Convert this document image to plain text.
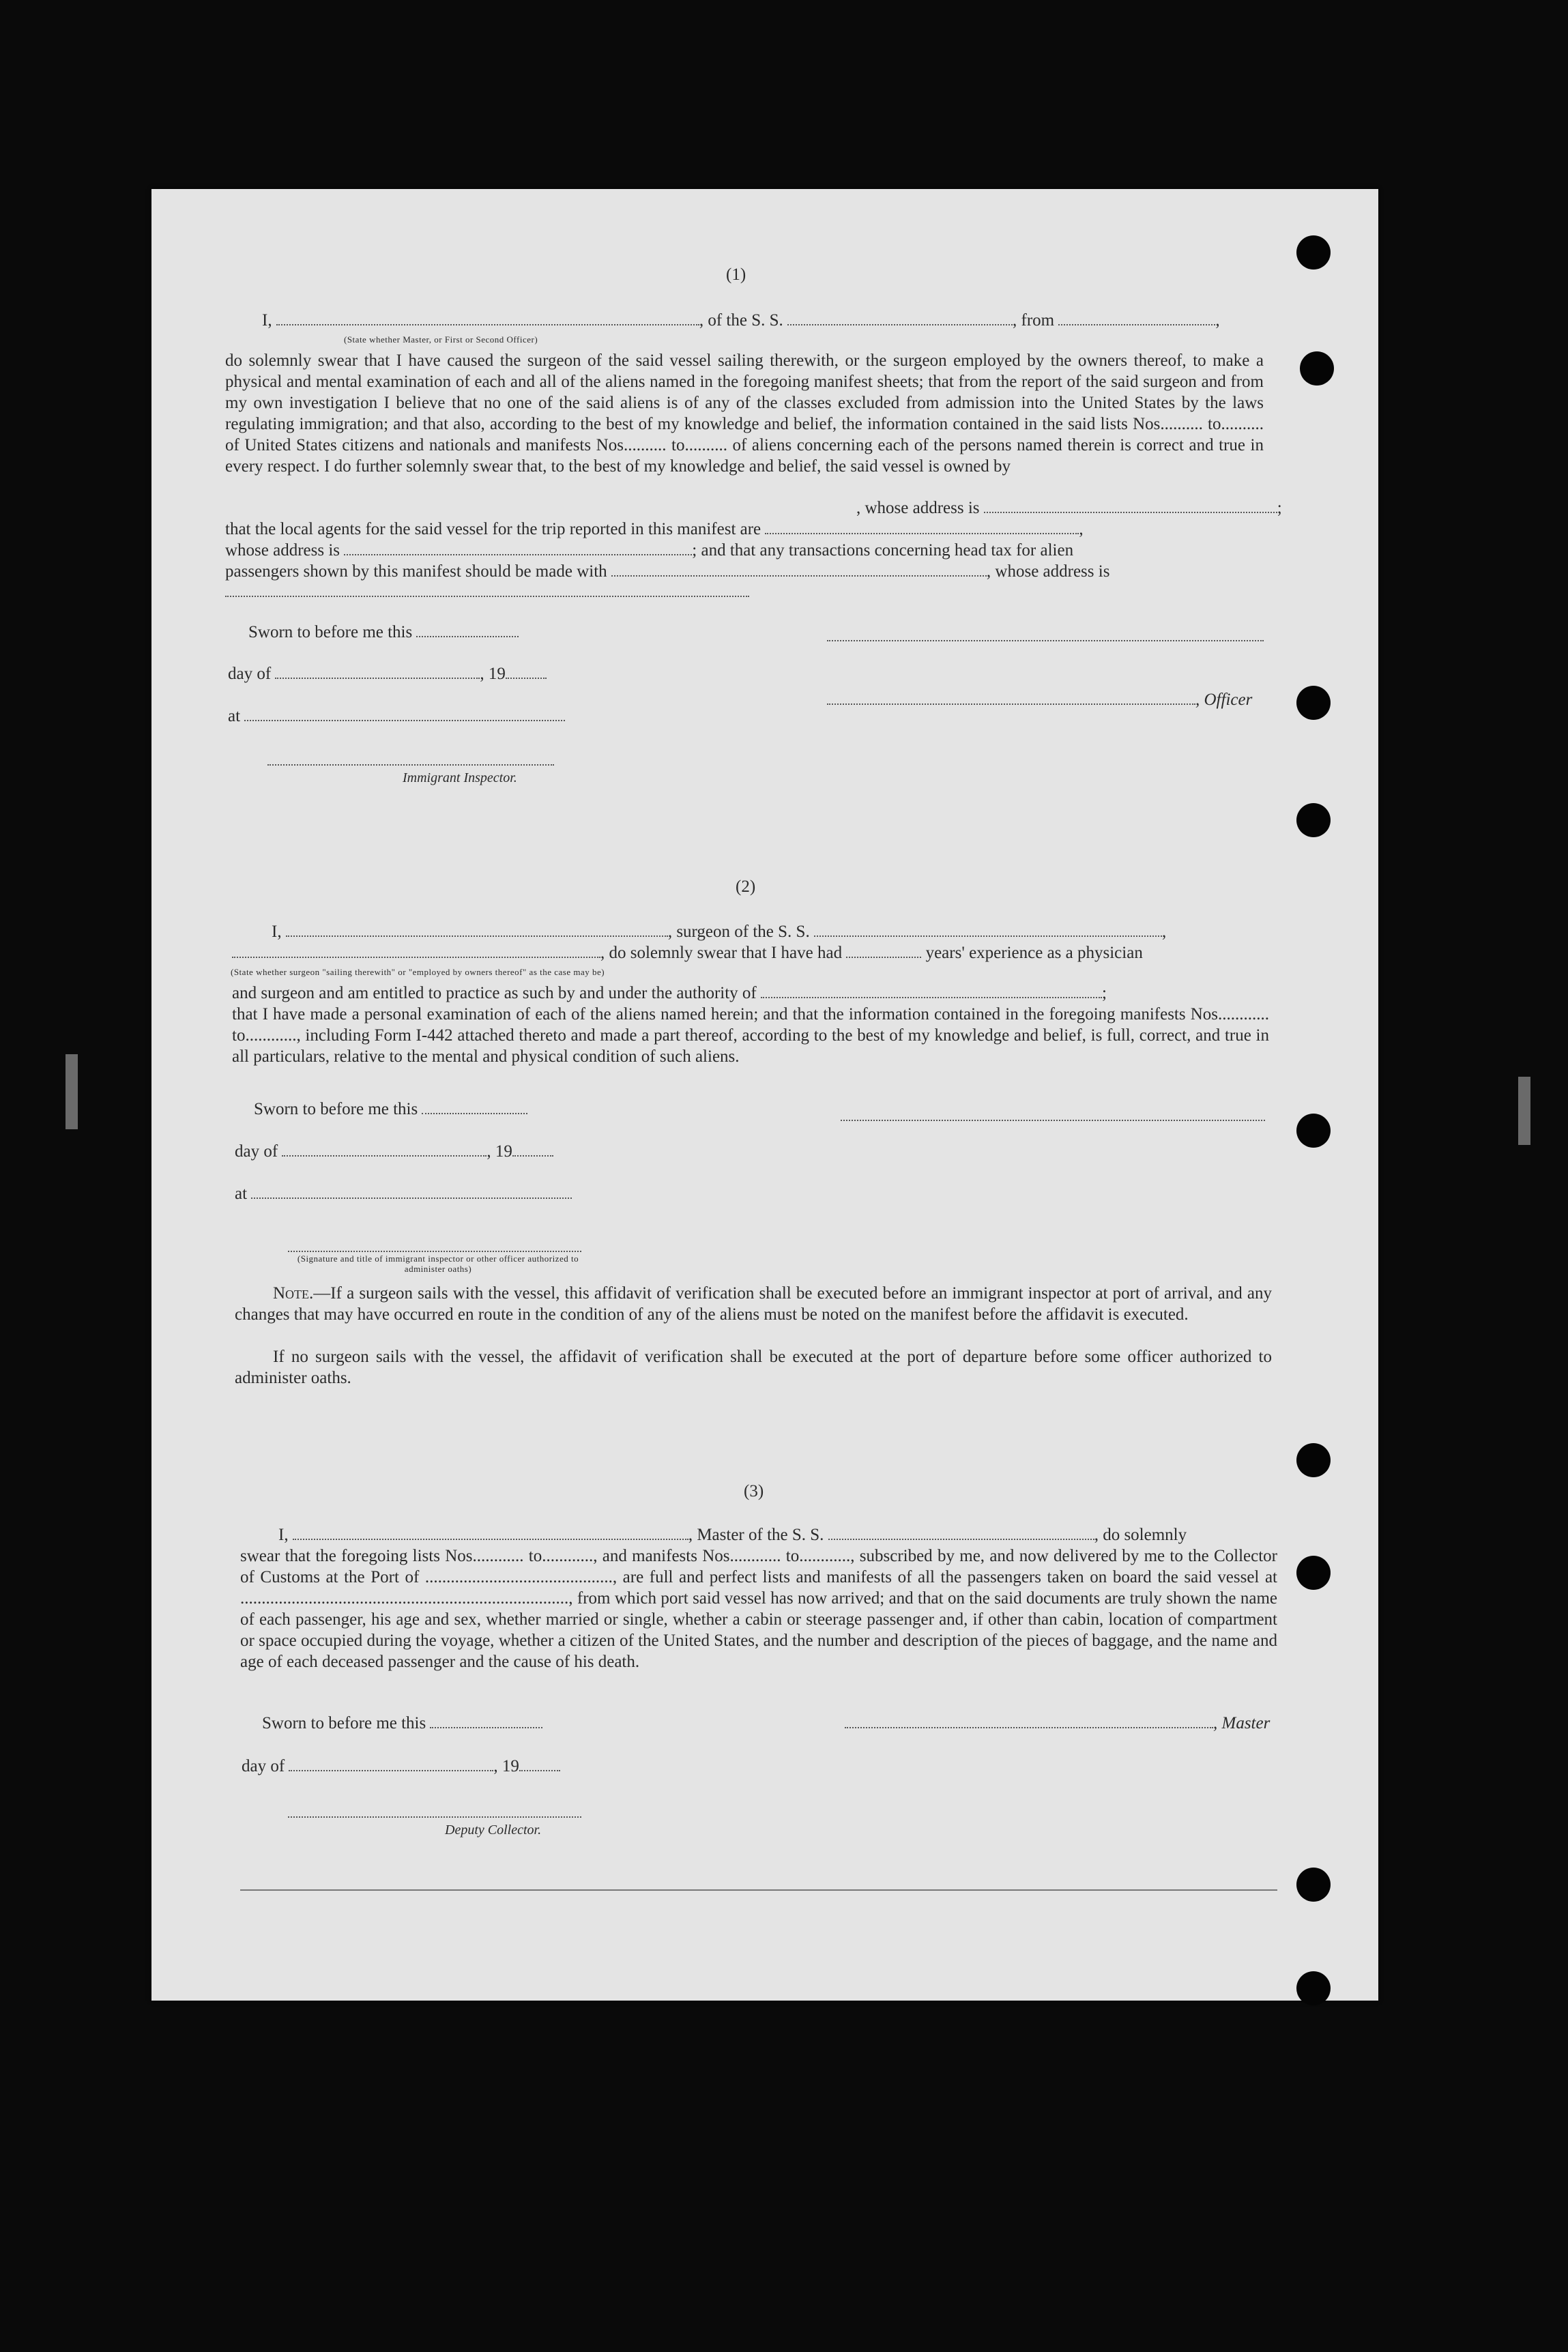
(1)
I,	, of the S. S.	, from	,
(State whether Master, or First or Second Officer)
do solemnly swear that I have caused the surgeon of the said vessel sailing therewith, or the surgeon employed by the owners thereof, to make a physical and mental examination of each and all of the aliens named in the foregoing manifest sheets; that from the report of the said surgeon and from my own investigation I believe that no one of the said aliens is of any of the classes excluded from admission into the United States by the laws regulating immigration; and that also, according to the best of my knowledge and belief, the information contained in the said lists Nos.......... to.......... of United States citizens and nationals and manifests Nos.......... to.......... of aliens concerning each of the persons named therein is correct and true in every respect. I do further solemnly swear that, to the best of my knowledge and belief, the said vessel is owned by
, whose address is	;
that the local agents for the said vessel for the trip reported in this manifest are	,
whose address is	; and that any transactions concerning head tax for alien
passengers shown by this manifest should be made with	, whose address is
Sworn to before me this
day of	, 19
, Officer
at
Immigrant Inspector.
(2)
I,	, surgeon of the S. S.	,
, do solemnly swear that I have had	years' experience as a physician
(State whether surgeon "sailing therewith" or "employed by owners thereof" as the case may be)
and surgeon and am entitled to practice as such by and under the authority of	;
that I have made a personal examination of each of the aliens named herein; and that the information contained in the foregoing manifests Nos............ to............, including Form I-442 attached thereto and made a part thereof, according to the best of my knowledge and belief, is full, correct, and true in all particulars, relative to the mental and physical condition of such aliens.
Sworn to before me this
day of	, 19
at
(Signature and title of immigrant inspector or other officer authorized to administer oaths)
Note.—If a surgeon sails with the vessel, this affidavit of verification shall be executed before an immigrant inspector at port of arrival, and any changes that may have occurred en route in the condition of any of the aliens must be noted on the manifest before the affidavit is executed.
If no surgeon sails with the vessel, the affidavit of verification shall be executed at the port of departure before some officer authorized to administer oaths.
(3)
I,	, Master of the S. S.	, do solemnly
swear that the foregoing lists Nos............ to............, and manifests Nos............ to............, subscribed by me, and now delivered by me to the Collector of Customs at the Port of ............................................, are full and perfect lists and manifests of all the passengers taken on board the said vessel at ............................................................................., from which port said vessel has now arrived; and that on the said documents are truly shown the name of each passenger, his age and sex, whether married or single, whether a cabin or steerage passenger and, if other than cabin, location of compartment or space occupied during the voyage, whether a citizen of the United States, and the number and description of the pieces of baggage, and the name and age of each deceased passenger and the cause of his death.
Sworn to before me this	, Master
day of	, 19
Deputy Collector.
